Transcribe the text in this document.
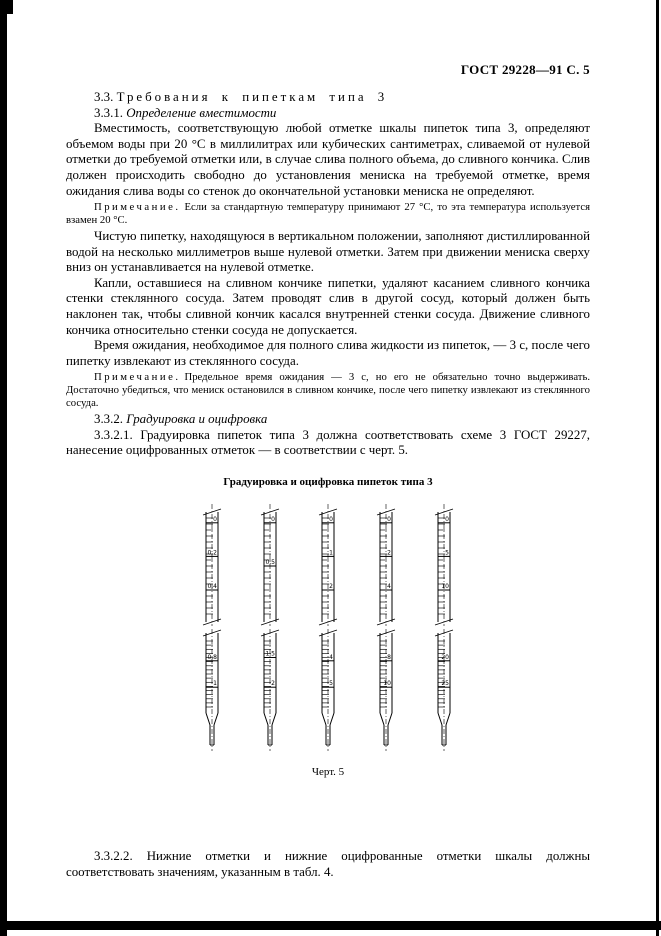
ГОСТ 29228—91 С. 5

3.3. Требования к пипеткам типа 3

3.3.1. Определение вместимости

Вместимость, соответствующую любой отметке шкалы пипеток типа 3, определяют объемом воды при 20 °С в миллилитрах или кубических сантиметрах, сливаемой от нулевой отметки до требуемой отметки или, в случае слива полного объема, до сливного кончика. Слив должен происходить свободно до установления мениска на требуемой отметке, время ожидания слива воды со стенок до окончательной установки мениска не определяют.

Примечание. Если за стандартную температуру принимают 27 °С, то эта температура используется взамен 20 °С.

Чистую пипетку, находящуюся в вертикальном положении, заполняют дистиллированной водой на несколько миллиметров выше нулевой отметки. Затем при движении мениска сверху вниз он устанавливается на нулевой отметке.

Капли, оставшиеся на сливном кончике пипетки, удаляют касанием сливного кончика стенки стеклянного сосуда. Затем проводят слив в другой сосуд, который должен быть наклонен так, чтобы сливной кончик касался внутренней стенки сосуда. Движение сливного кончика относительно стенки сосуда не допускается.

Время ожидания, необходимое для полного слива жидкости из пипеток, — 3 с, после чего пипетку извлекают из стеклянного сосуда.

Примечание. Предельное время ожидания — 3 с, но его не обязательно точно выдерживать. Достаточно убедиться, что мениск остановился в сливном кончике, после чего пипетку извлекают из стеклянного сосуда.

3.3.2. Градуировка и оцифровка

3.3.2.1. Градуировка пипеток типа 3 должна соответствовать схеме 3 ГОСТ 29227, нанесение оцифрованных отметок — в соответствии с черт. 5.

Градуировка и оцифровка пипеток типа 3

0
0,2
0,4
0
0,5
0
1
2
0
2
4
0
5
10
0,8
1
1,5
2
4
5
8
10
20
25

Черт. 5

3.3.2.2. Нижние отметки и нижние оцифрованные отметки шкалы должны соответствовать значениям, указанным в табл. 4.
